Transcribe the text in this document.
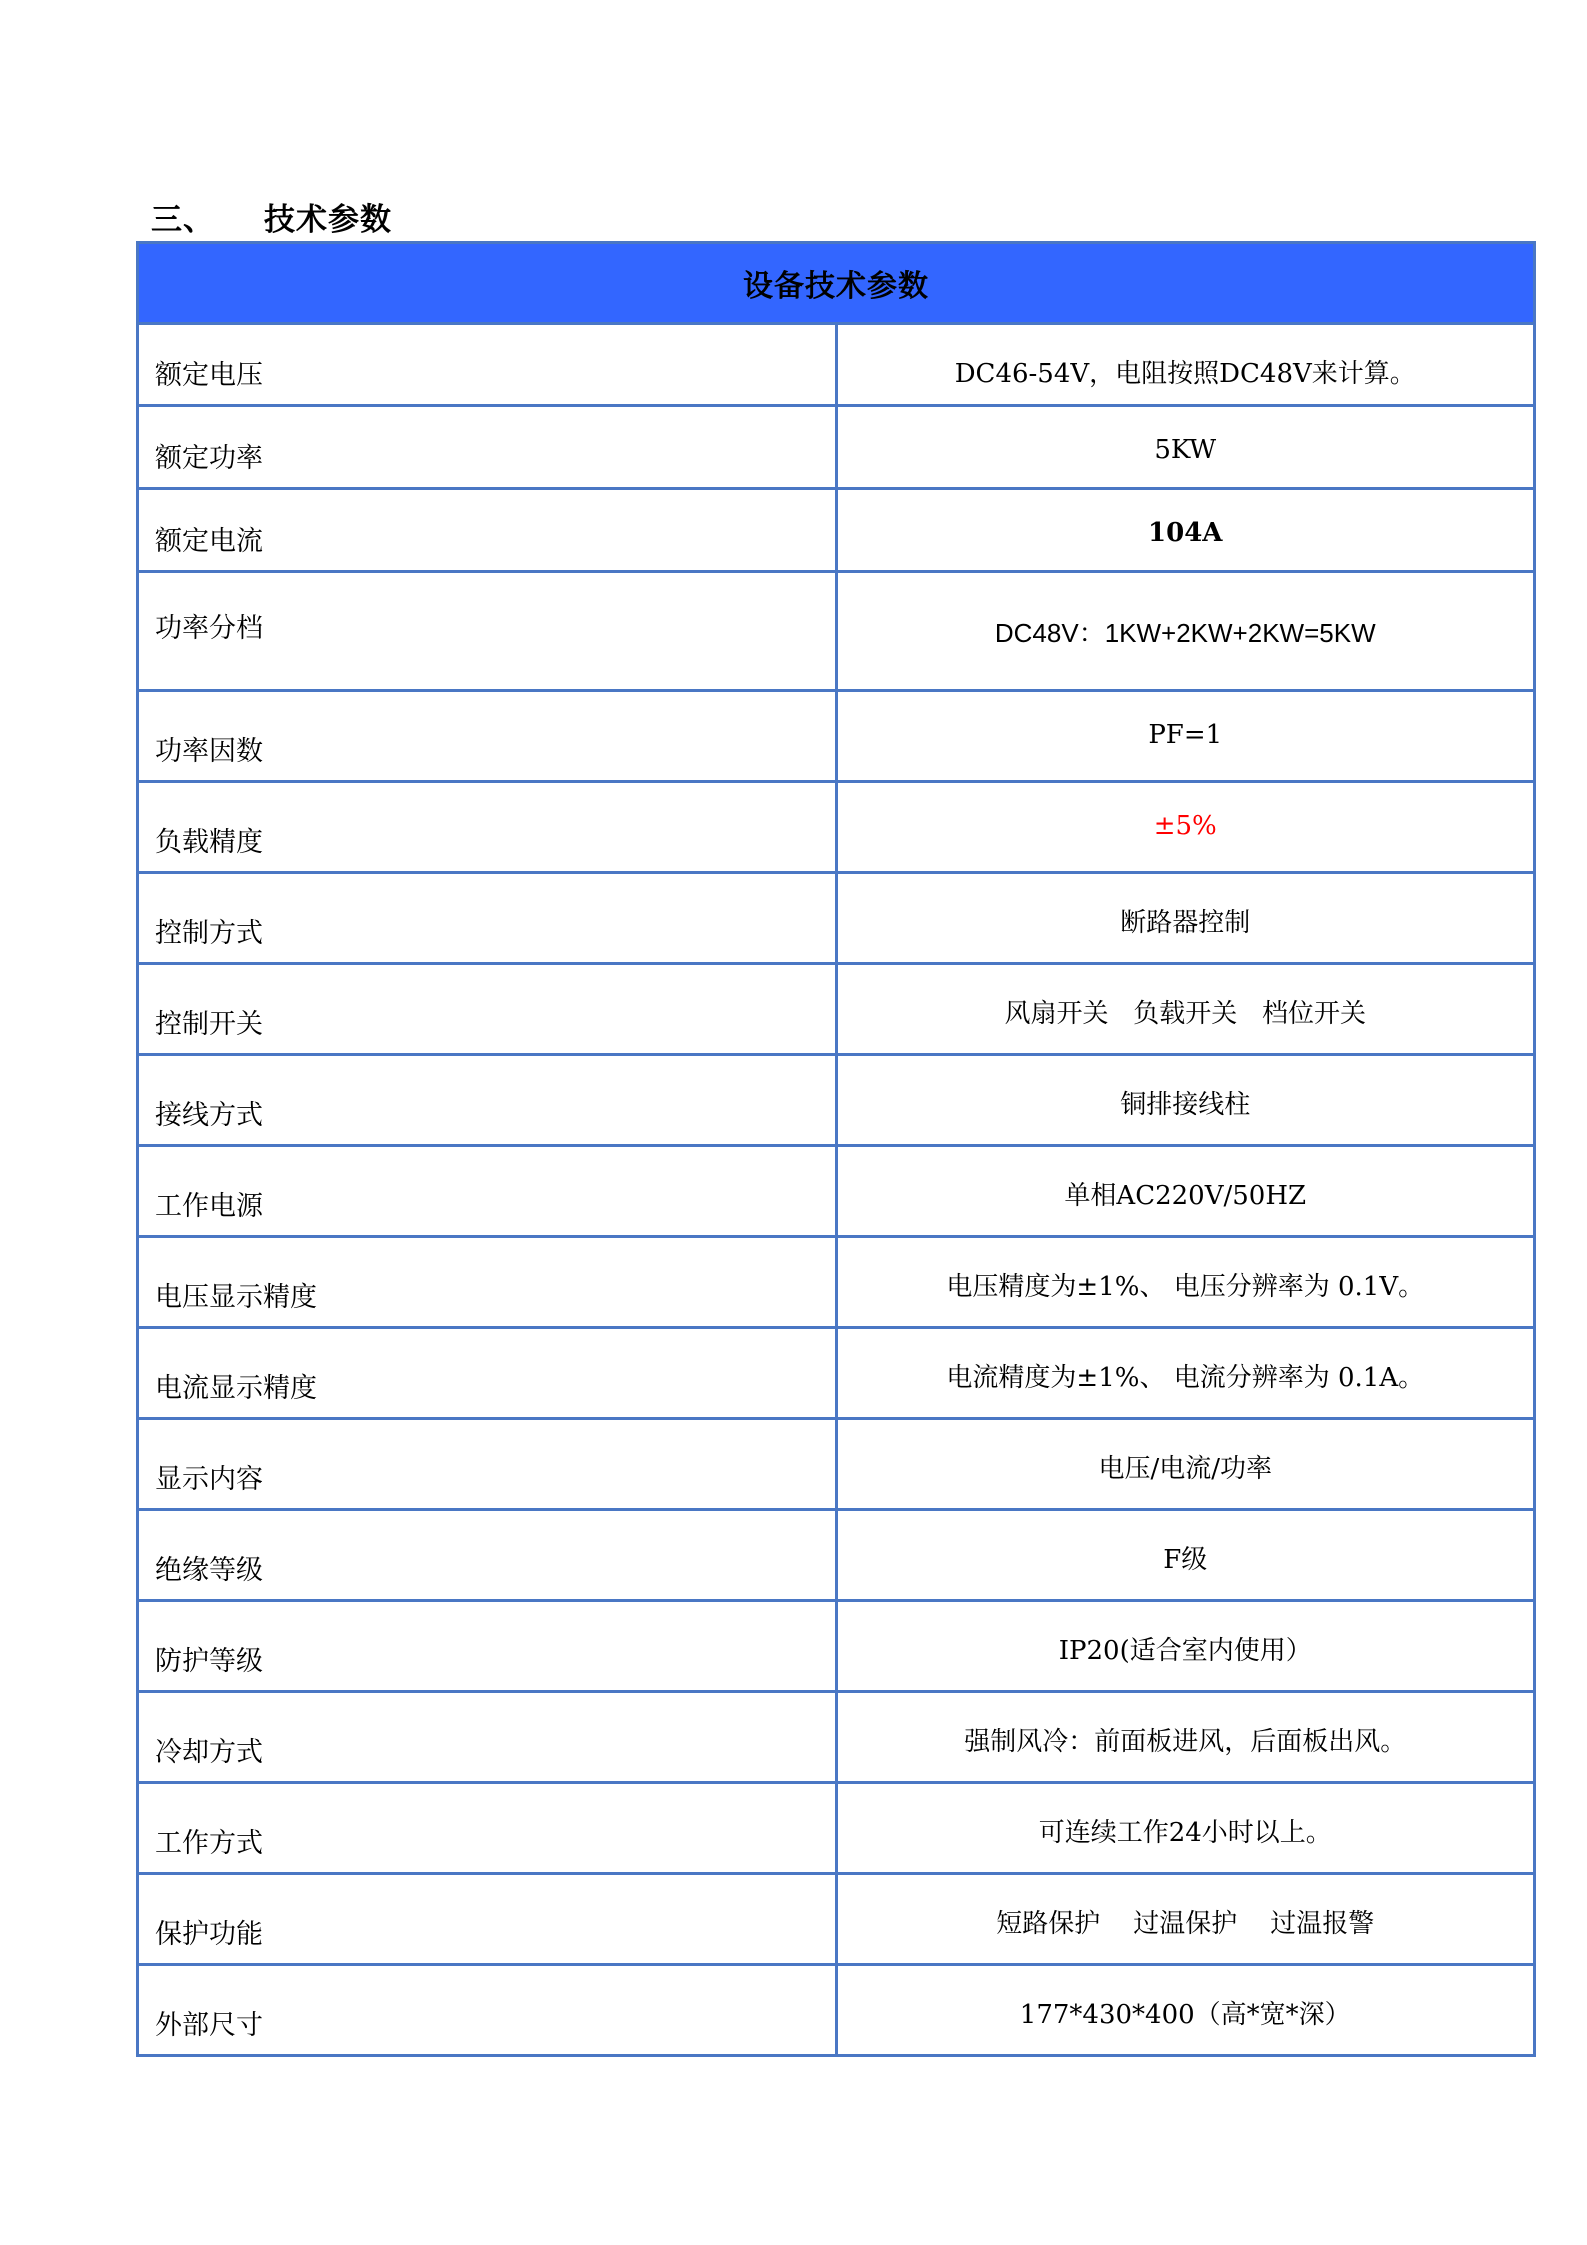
三、	技术参数
设备技术参数	
额定电压	DC46-54V，电阻按照DC48V来计算。
额定功率	5KW
额定电流	104A
功率分档	DC48V：1KW+2KW+2KW=5KW
功率因数	PF=1
负载精度	±5%
控制方式	断路器控制
控制开关	风扇开关   负载开关   档位开关
接线方式	铜排接线柱
工作电源	单相AC220V/50HZ
电压显示精度	电压精度为±1%、 电压分辨率为 0.1V。
电流显示精度	电流精度为±1%、 电流分辨率为 0.1A。
显示内容	电压/电流/功率
绝缘等级	F级
防护等级	IP20(适合室内使用）
冷却方式	强制风冷：前面板进风，后面板出风。
工作方式	可连续工作24小时以上。
保护功能	短路保护    过温保护    过温报警
外部尺寸	177*430*400（高*宽*深）
